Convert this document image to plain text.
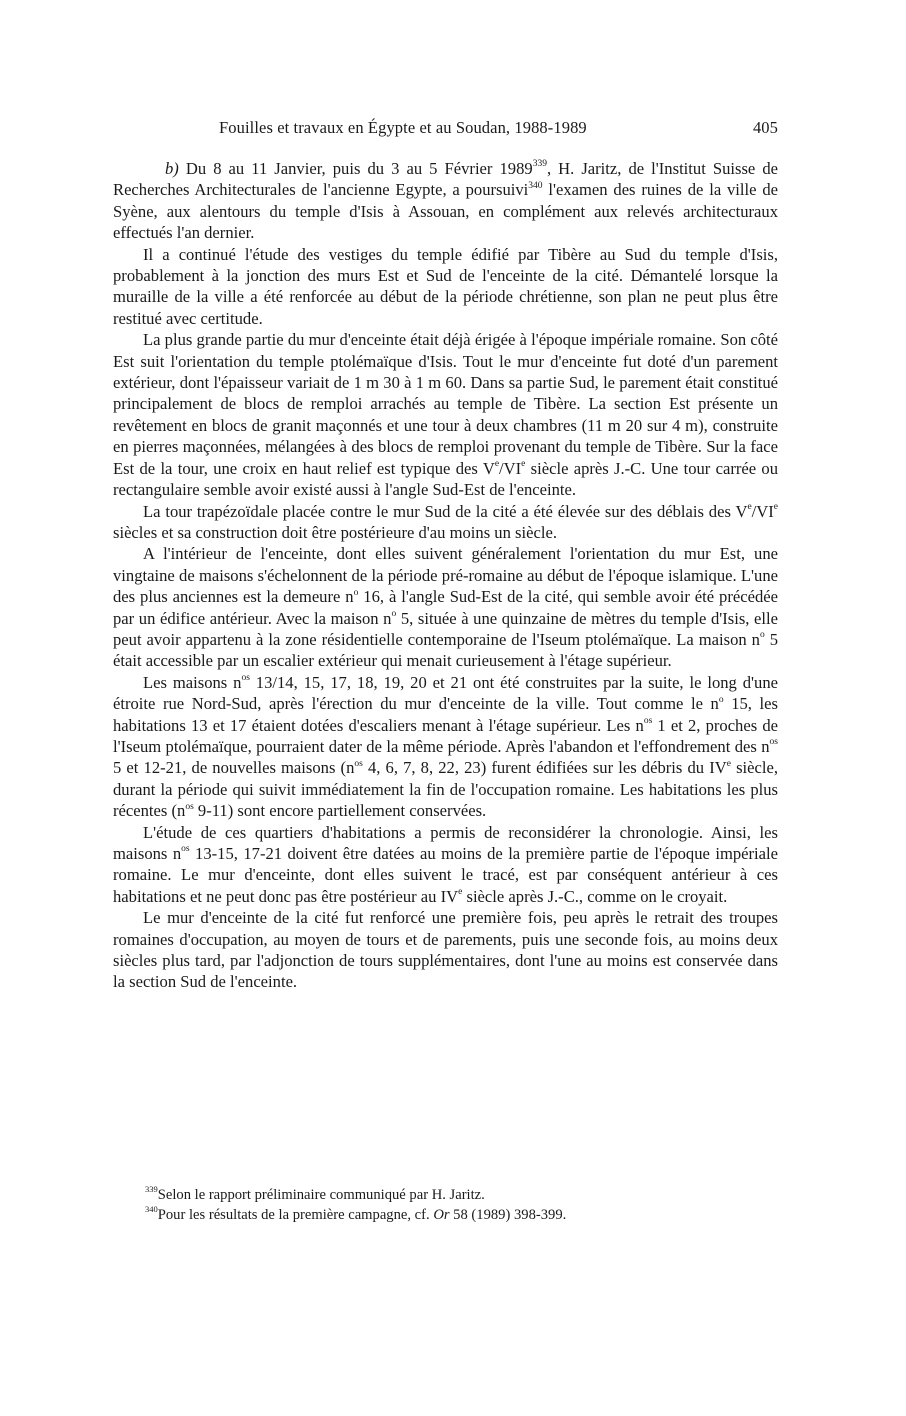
Fouilles et travaux en Égypte et au Soudan, 1988-1989	405

b) Du 8 au 11 Janvier, puis du 3 au 5 Février 1989$^{339}$, H. Jaritz, de l'Institut Suisse de Recherches Architecturales de l'ancienne Egypte, a poursuivi$^{340}$ l'examen des ruines de la ville de Syène, aux alentours du temple d'Isis à Assouan, en complément aux relevés architecturaux effectués l'an dernier.

Il a continué l'étude des vestiges du temple édifié par Tibère au Sud du temple d'Isis, probablement à la jonction des murs Est et Sud de l'enceinte de la cité. Démantelé lorsque la muraille de la ville a été renforcée au début de la période chrétienne, son plan ne peut plus être restitué avec certitude.

La plus grande partie du mur d'enceinte était déjà érigée à l'époque impériale romaine. Son côté Est suit l'orientation du temple ptolémaïque d'Isis. Tout le mur d'enceinte fut doté d'un parement extérieur, dont l'épaisseur variait de 1 m 30 à 1 m 60. Dans sa partie Sud, le parement était constitué principalement de blocs de remploi arrachés au temple de Tibère. La section Est présente un revêtement en blocs de granit maçonnés et une tour à deux chambres (11 m 20 sur 4 m), construite en pierres maçonnées, mélangées à des blocs de remploi provenant du temple de Tibère. Sur la face Est de la tour, une croix en haut relief est typique des Ve/VIe siècle après J.-C. Une tour carrée ou rectangulaire semble avoir existé aussi à l'angle Sud-Est de l'enceinte.

La tour trapézoïdale placée contre le mur Sud de la cité a été élevée sur des déblais des Ve/VIe siècles et sa construction doit être postérieure d'au moins un siècle.

A l'intérieur de l'enceinte, dont elles suivent généralement l'orientation du mur Est, une vingtaine de maisons s'échelonnent de la période pré-romaine au début de l'époque islamique. L'une des plus anciennes est la demeure $n^o$ 16, à l'angle Sud-Est de la cité, qui semble avoir été précédée par un édifice antérieur. Avec la maison $n^o$ 5, située à une quinzaine de mètres du temple d'Isis, elle peut avoir appartenu à la zone résidentielle contemporaine de l'Iseum ptolémaïque. La maison $n^o$ 5 était accessible par un escalier extérieur qui menait curieusement à l'étage supérieur.

Les maisons $n^{os}$ 13/14, 15, 17, 18, 19, 20 et 21 ont été construites par la suite, le long d'une étroite rue Nord-Sud, après l'érection du mur d'enceinte de la ville. Tout comme le $n^o$ 15, les habitations 13 et 17 étaient dotées d'escaliers menant à l'étage supérieur. Les $n^{os}$ 1 et 2, proches de l'Iseum ptolémaïque, pourraient dater de la même période. Après l'abandon et l'effondrement des $n^{os}$ 5 et 12-21, de nouvelles maisons ($n^{os}$ 4, 6, 7, 8, 22, 23) furent édifiées sur les débris du IVe siècle, durant la période qui suivit immédiatement la fin de l'occupation romaine. Les habitations les plus récentes ($n^{os}$ 9-11) sont encore partiellement conservées.

L'étude de ces quartiers d'habitations a permis de reconsidérer la chronologie. Ainsi, les maisons $n^{os}$ 13-15, 17-21 doivent être datées au moins de la première partie de l'époque impériale romaine. Le mur d'enceinte, dont elles suivent le tracé, est par conséquent antérieur à ces habitations et ne peut donc pas être postérieur au IVe siècle après J.-C., comme on le croyait.

Le mur d'enceinte de la cité fut renforcé une première fois, peu après le retrait des troupes romaines d'occupation, au moyen de tours et de parements, puis une seconde fois, au moins deux siècles plus tard, par l'adjonction de tours supplémentaires, dont l'une au moins est conservée dans la section Sud de l'enceinte.

$^{339}$Selon le rapport préliminaire communiqué par H. Jaritz.

$^{340}$Pour les résultats de la première campagne, cf. Or 58 (1989) 398-399.
